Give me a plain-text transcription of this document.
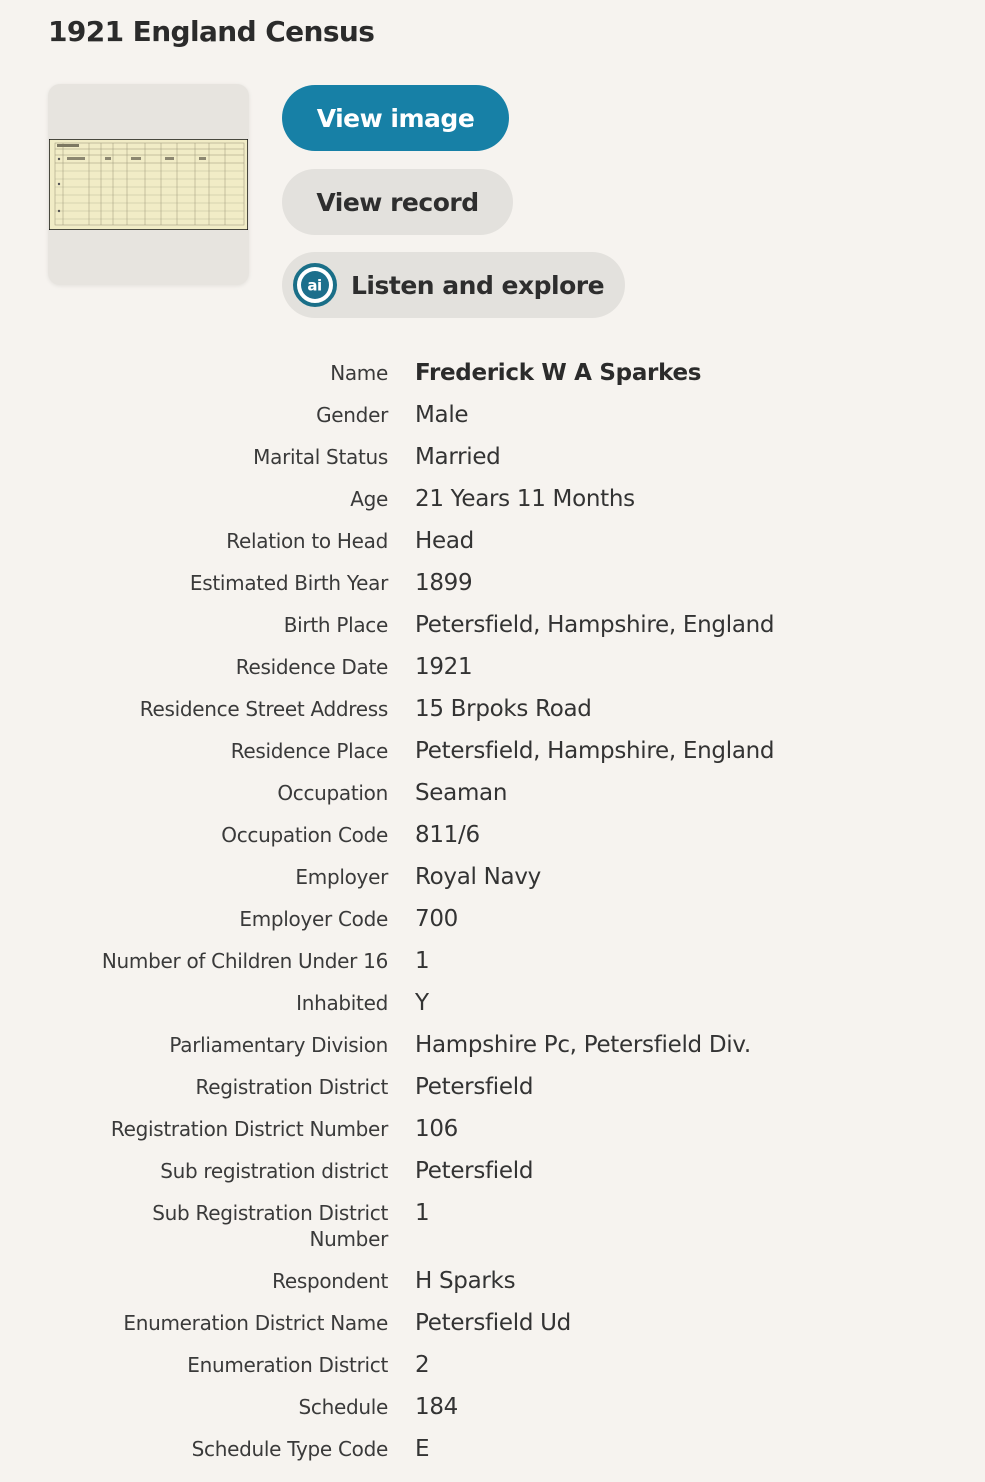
1921 England Census
View image
View record
ai Listen and explore

Name Frederick W A Sparkes

Gender Male

Marital Status Married

Age 21 Years 11 Months

Relation to Head Head

Estimated Birth Year 1899

Birth Place Petersfield, Hampshire, England

Residence Date 1921

Residence Street Address 15 Brpoks Road

Residence Place Petersfield, Hampshire, England

Occupation Seaman

Occupation Code 811/6

Employer Royal Navy

Employer Code 700

Number of Children Under 16 1

Inhabited Y

Parliamentary Division Hampshire Pc, Petersfield Div.

Registration District Petersfield

Registration District Number 106

Sub registration district Petersfield

Sub Registration District Number

1

Respondent H Sparks

Enumeration District Name Petersfield Ud

Enumeration District 2

Schedule 184

Schedule Type Code E
